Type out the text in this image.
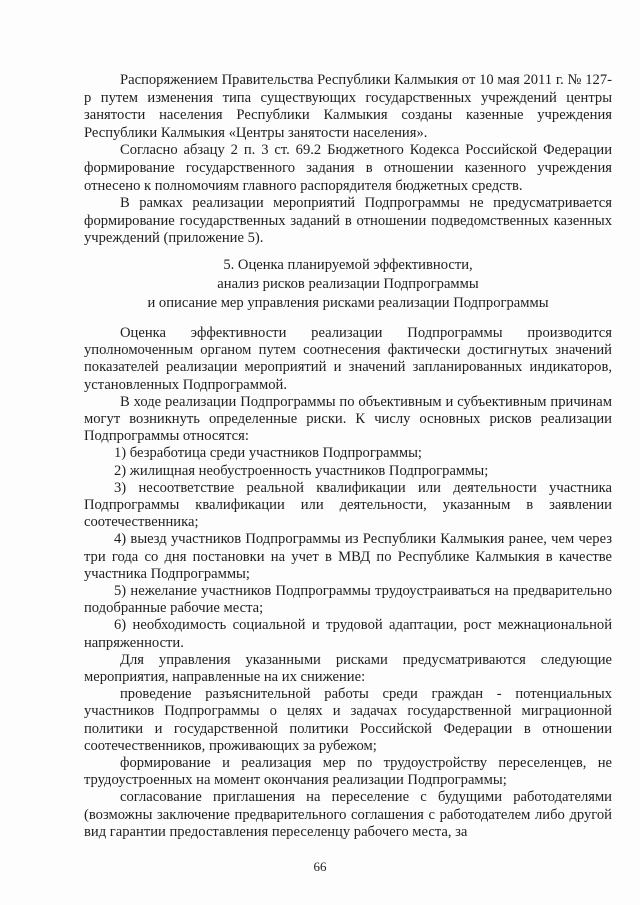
Распоряжением Правительства Республики Калмыкия от 10 мая 2011 г. № 127-р путем изменения типа существующих государственных учреждений центры занятости населения Республики Калмыкия созданы казенные учреждения Республики Калмыкия «Центры занятости населения».

Согласно абзацу 2 п. 3 ст. 69.2 Бюджетного Кодекса Российской Федерации формирование государственного задания в отношении казенного учреждения отнесено к полномочиям главного распорядителя бюджетных средств.

В рамках реализации мероприятий Подпрограммы не предусматривается формирование государственных заданий в отношении подведомственных казенных учреждений (приложение 5).

5. Оценка планируемой эффективности,
анализ рисков реализации Подпрограммы
и описание мер управления рисками реализации Подпрограммы

Оценка эффективности реализации Подпрограммы производится уполномоченным органом путем соотнесения фактически достигнутых значений показателей реализации мероприятий и значений запланированных индикаторов, установленных Подпрограммой.

В ходе реализации Подпрограммы по объективным и субъективным причинам могут возникнуть определенные риски. К числу основных рисков реализации Подпрограммы относятся:

1) безработица среди участников Подпрограммы;

2) жилищная необустроенность участников Подпрограммы;

3) несоответствие реальной квалификации или деятельности участника Подпрограммы квалификации или деятельности, указанным в заявлении соотечественника;

4) выезд участников Подпрограммы из Республики Калмыкия ранее, чем через три года со дня постановки на учет в МВД по Республике Калмыкия в качестве участника Подпрограммы;

5) нежелание участников Подпрограммы трудоустраиваться на предварительно подобранные рабочие места;

6) необходимость социальной и трудовой адаптации, рост межнациональной напряженности.

Для управления указанными рисками предусматриваются следующие мероприятия, направленные на их снижение:

проведение разъяснительной работы среди граждан - потенциальных участников Подпрограммы о целях и задачах государственной миграционной политики и государственной политики Российской Федерации в отношении соотечественников, проживающих за рубежом;

формирование и реализация мер по трудоустройству переселенцев, не трудоустроенных на момент окончания реализации Подпрограммы;

согласование приглашения на переселение с будущими работодателями (возможны заключение предварительного соглашения с работодателем либо другой вид гарантии предоставления переселенцу рабочего места, за

66
